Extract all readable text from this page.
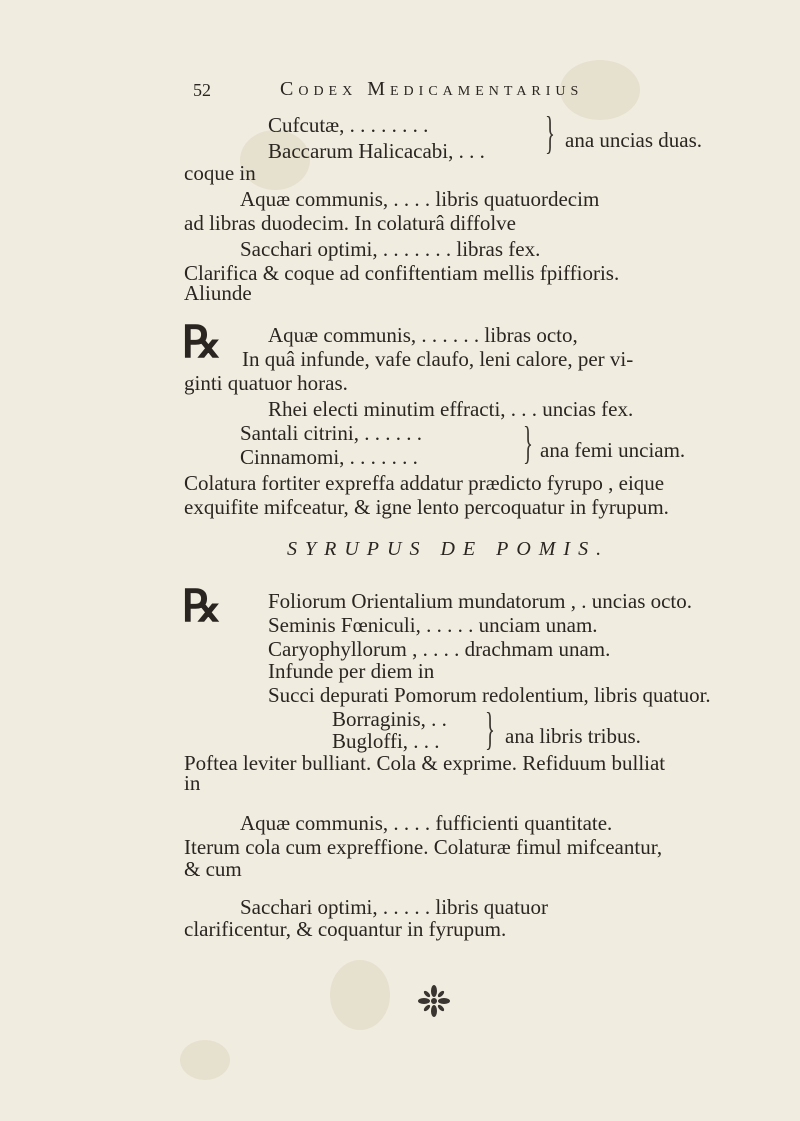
52	Codex Medicamentarius
Cufcutæ, . . . . . . . .
Baccarum Halicacabi, . . . } ana uncias duas.
coque in
Aquæ communis, . . . . libris quatuordecim
ad libras duodecim. In colaturâ diffolve
Sacchari optimi, . . . . . . . libras fex.
Clarifica & coque ad confiftentiam mellis fpiffioris.
Aliunde
℞ Aquæ communis, . . . . . . libras octo,
In quâ infunde, vafe claufo, leni calore, per vi-
ginti quatuor horas.
Rhei electi minutim effracti, . . . uncias fex.
Santali citrini, . . . . . .
Cinnamomi, . . . . . . . } ana femi unciam.
Colatura fortiter expreffa addatur prædicto fyrupo , eique
exquifite mifceatur, & igne lento percoquatur in fyrupum.
SYRUPUS DE POMIS.
℞ Foliorum Orientalium mundatorum , . uncias octo.
Seminis Fœniculi, . . . . . unciam unam.
Caryophyllorum , . . . . drachmam unam.
Infunde per diem in
Succi depurati Pomorum redolentium, libris quatuor.
Borraginis, . .
Bugloffi, . . . } ana libris tribus.
Poftea leviter bulliant. Cola & exprime. Refiduum bulliat
in
Aquæ communis, . . . . fufficienti quantitate.
Iterum cola cum expreffione. Colaturæ fimul mifceantur,
& cum
Sacchari optimi, . . . . . libris quatuor
clarificentur, & coquantur in fyrupum.
